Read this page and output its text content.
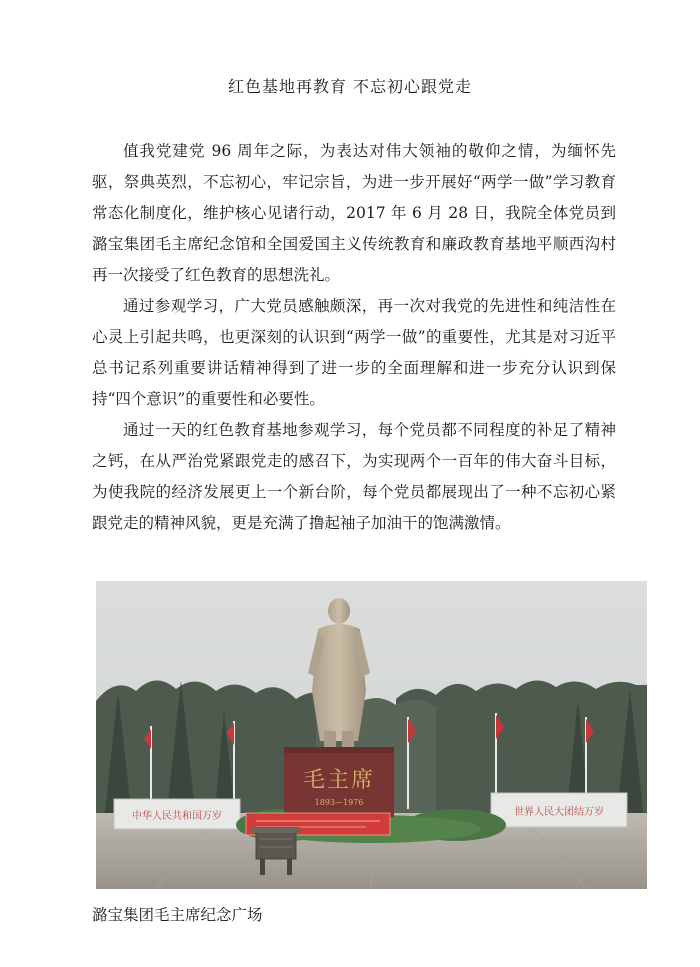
红色基地再教育 不忘初心跟党走

值我党建党 96 周年之际，为表达对伟大领袖的敬仰之情，为缅怀先驱，祭典英烈，不忘初心，牢记宗旨，为进一步开展好“两学一做”学习教育常态化制度化，维护核心见诸行动，2017 年 6 月 28 日，我院全体党员到潞宝集团毛主席纪念馆和全国爱国主义传统教育和廉政教育基地平顺西沟村再一次接受了红色教育的思想洗礼。

通过参观学习，广大党员感触颇深，再一次对我党的先进性和纯洁性在心灵上引起共鸣，也更深刻的认识到“两学一做”的重要性，尤其是对习近平总书记系列重要讲话精神得到了进一步的全面理解和进一步充分认识到保持“四个意识”的重要性和必要性。

通过一天的红色教育基地参观学习，每个党员都不同程度的补足了精神之钙，在从严治党紧跟党走的感召下，为实现两个一百年的伟大奋斗目标，为使我院的经济发展更上一个新台阶，每个党员都展现出了一种不忘初心紧跟党走的精神风貌，更是充满了撸起袖子加油干的饱满激情。

中华人民共和国万岁	世界人民大团结万岁
毛主席
1893—1976
潞宝集团毛主席纪念广场
